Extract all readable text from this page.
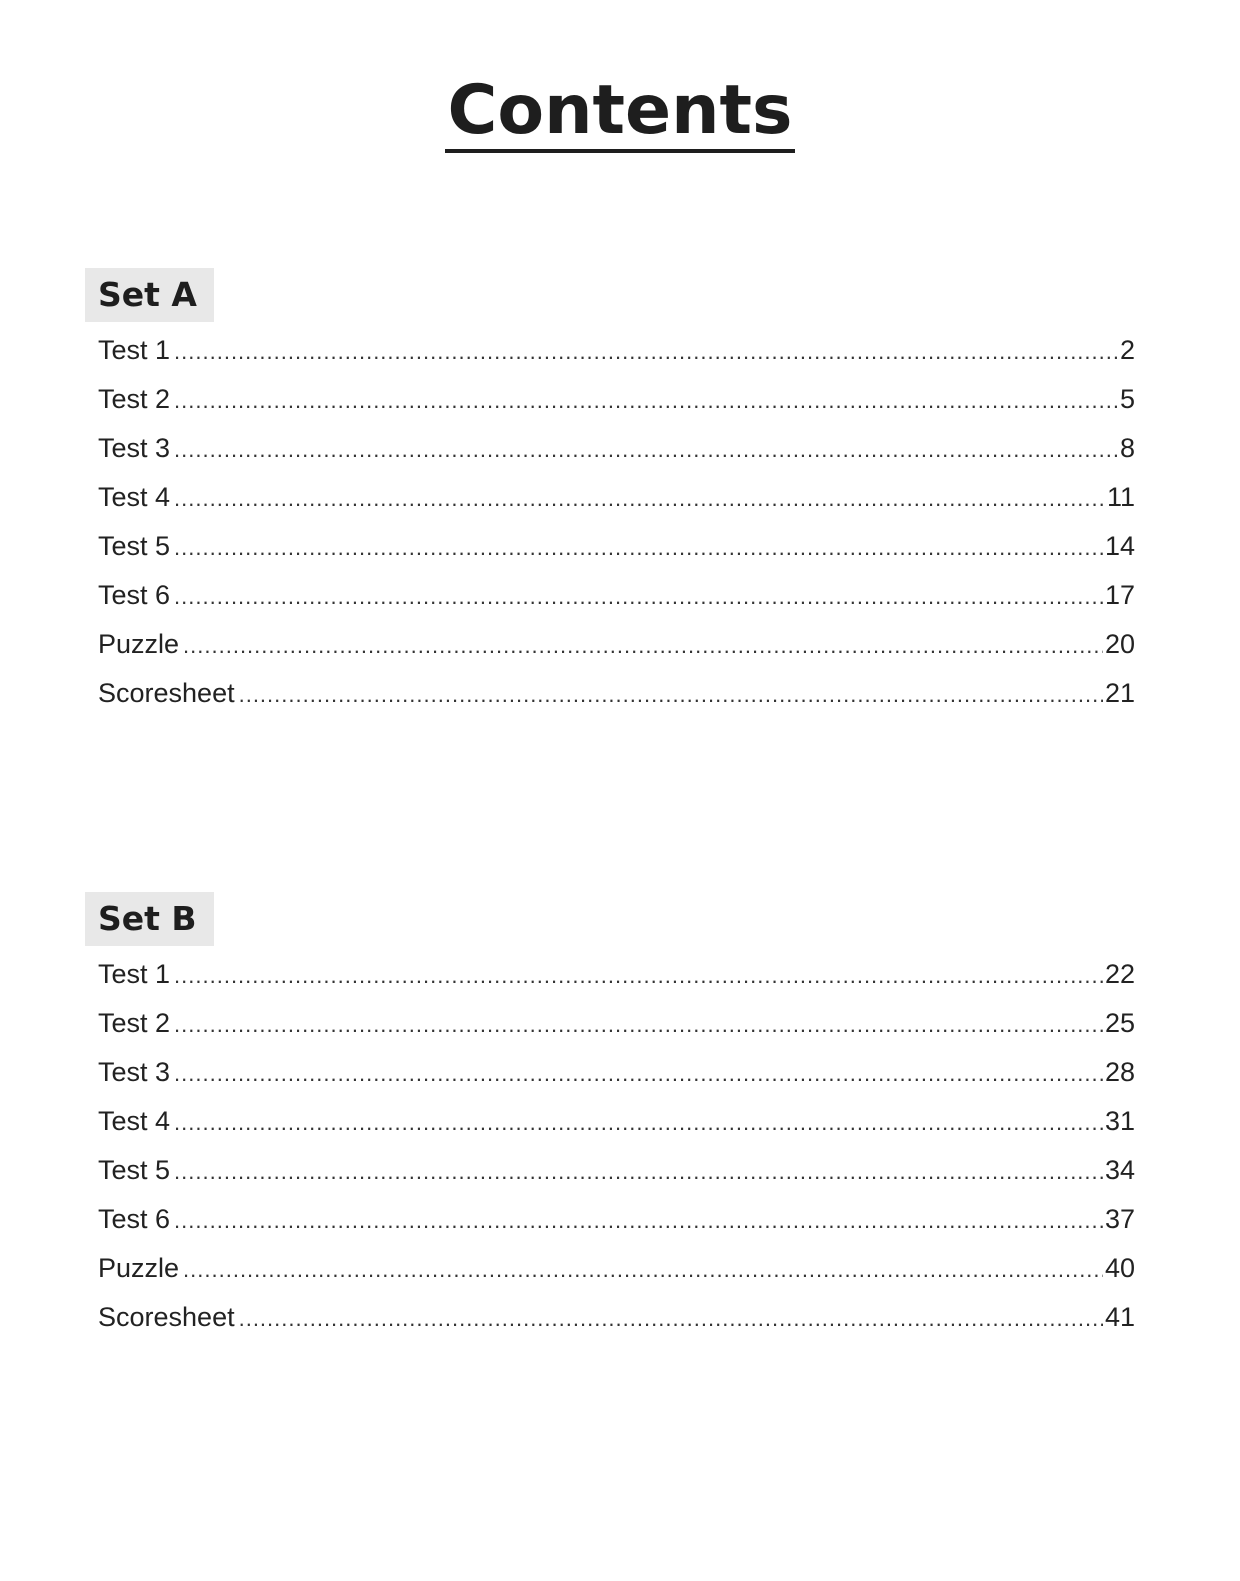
Contents
Set A
Test 1 .....	2
Test 2 .....	5
Test 3 .....	8
Test 4 .....	11
Test 5 .....	14
Test 6 .....	17
Puzzle .....	20
Scoresheet .....	21
Set B
Test 1 .....	22
Test 2 .....	25
Test 3 .....	28
Test 4 .....	31
Test 5 .....	34
Test 6 .....	37
Puzzle .....	40
Scoresheet .....	41
